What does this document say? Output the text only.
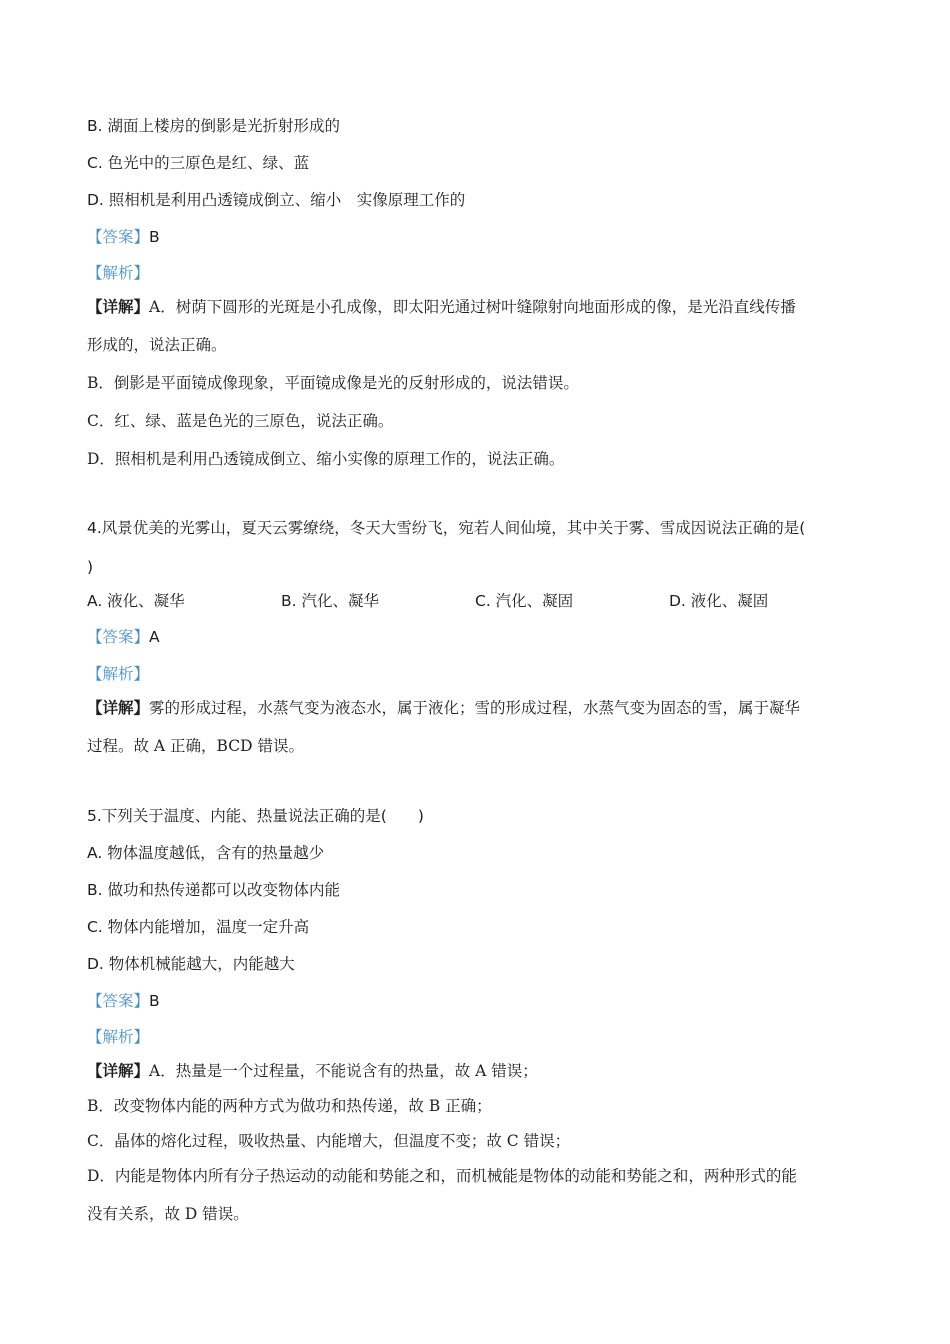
B. 湖面上楼房的倒影是光折射形成的
C. 色光中的三原色是红、绿、蓝
D. 照相机是利用凸透镜成倒立、缩小　实像原理工作的
【答案】B
【解析】
【详解】A．树荫下圆形的光斑是小孔成像，即太阳光通过树叶缝隙射向地面形成的像，是光沿直线传播
形成的，说法正确。
B．倒影是平面镜成像现象，平面镜成像是光的反射形成的，说法错误。
C．红、绿、蓝是色光的三原色，说法正确。
D．照相机是利用凸透镜成倒立、缩小实像的原理工作的，说法正确。
4.风景优美的光雾山，夏天云雾缭绕，冬天大雪纷飞，宛若人间仙境，其中关于雾、雪成因说法正确的是(
)
A. 液化、凝华	B. 汽化、凝华	C. 汽化、凝固	D. 液化、凝固
【答案】A
【解析】
【详解】雾的形成过程，水蒸气变为液态水，属于液化；雪的形成过程，水蒸气变为固态的雪，属于凝华
过程。故 A 正确，BCD 错误。
5.下列关于温度、内能、热量说法正确的是(　　)
A. 物体温度越低，含有的热量越少
B. 做功和热传递都可以改变物体内能
C. 物体内能增加，温度一定升高
D. 物体机械能越大，内能越大
【答案】B
【解析】
【详解】A．热量是一个过程量，不能说含有的热量，故 A 错误；
B．改变物体内能的两种方式为做功和热传递，故 B 正确；
C．晶体的熔化过程，吸收热量、内能增大，但温度不变；故 C 错误；
D．内能是物体内所有分子热运动的动能和势能之和，而机械能是物体的动能和势能之和，两种形式的能
没有关系，故 D 错误。
